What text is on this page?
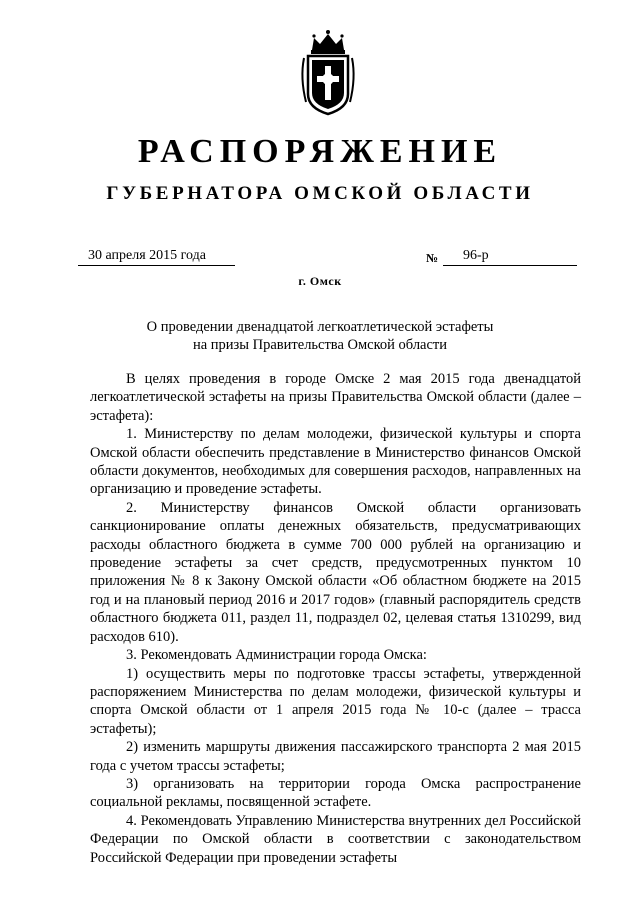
РАСПОРЯЖЕНИЕ
ГУБЕРНАТОРА ОМСКОЙ ОБЛАСТИ
30 апреля 2015 года	№	96-р
г. Омск
О проведении двенадцатой легкоатлетической эстафеты
на призы Правительства Омской области

В целях проведения в городе Омске 2 мая 2015 года двенадцатой легкоатлетической эстафеты на призы Правительства Омской области (далее – эстафета):

1. Министерству по делам молодежи, физической культуры и спорта Омской области обеспечить представление в Министерство финансов Омской области документов, необходимых для совершения расходов, направленных на организацию и проведение эстафеты.

2. Министерству финансов Омской области организовать санкционирование оплаты денежных обязательств, предусматривающих расходы областного бюджета в сумме 700 000 рублей на организацию и проведение эстафеты за счет средств, предусмотренных пунктом 10 приложения № 8 к Закону Омской области «Об областном бюджете на 2015 год и на плановый период 2016 и 2017 годов» (главный распорядитель средств областного бюджета 011, раздел 11, подраздел 02, целевая статья 1310299, вид расходов 610).

3. Рекомендовать Администрации города Омска:

1) осуществить меры по подготовке трассы эстафеты, утвержденной распоряжением Министерства по делам молодежи, физической культуры и спорта Омской области от 1 апреля 2015 года № 10-с (далее – трасса эстафеты);

2) изменить маршруты движения пассажирского транспорта 2 мая 2015 года с учетом трассы эстафеты;

3) организовать на территории города Омска распространение социальной рекламы, посвященной эстафете.

4. Рекомендовать Управлению Министерства внутренних дел Российской Федерации по Омской области в соответствии с законодательством Российской Федерации при проведении эстафеты
